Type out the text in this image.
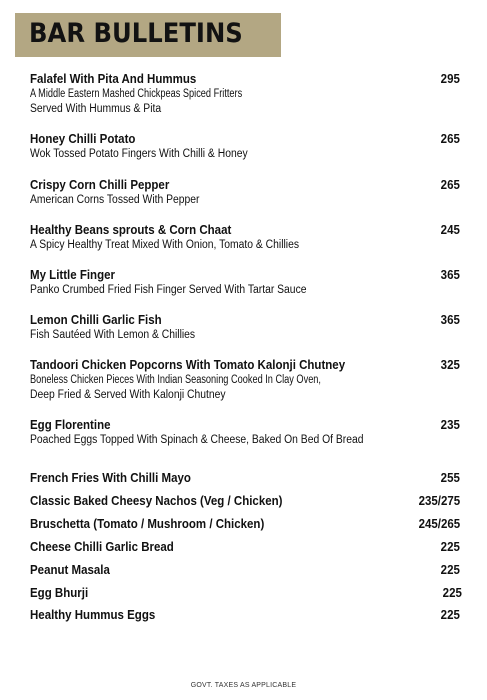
BAR BULLETINS
Falafel With Pita And Hummus	295
A Middle Eastern Mashed Chickpeas Spiced Fritters
Served With Hummus & Pita
Honey Chilli Potato	265
Wok Tossed Potato Fingers With Chilli & Honey
Crispy Corn Chilli Pepper	265
American Corns Tossed With Pepper
Healthy Beans sprouts & Corn Chaat	245
A Spicy Healthy Treat Mixed With Onion, Tomato & Chillies
My Little Finger	365
Panko Crumbed Fried Fish Finger Served With Tartar Sauce
Lemon Chilli Garlic Fish	365
Fish Sautéed With Lemon & Chillies
Tandoori Chicken Popcorns With Tomato Kalonji Chutney	325
Boneless Chicken Pieces With Indian Seasoning Cooked In Clay Oven,
Deep Fried & Served With Kalonji Chutney
Egg Florentine	235
Poached Eggs Topped With Spinach & Cheese, Baked On Bed Of Bread
French Fries With Chilli Mayo	255
Classic Baked Cheesy Nachos (Veg / Chicken)	235/275
Bruschetta (Tomato / Mushroom / Chicken)	245/265
Cheese Chilli Garlic Bread	225
Peanut Masala	225
Egg Bhurji	225
Healthy Hummus Eggs	225
GOVT. TAXES AS APPLICABLE
